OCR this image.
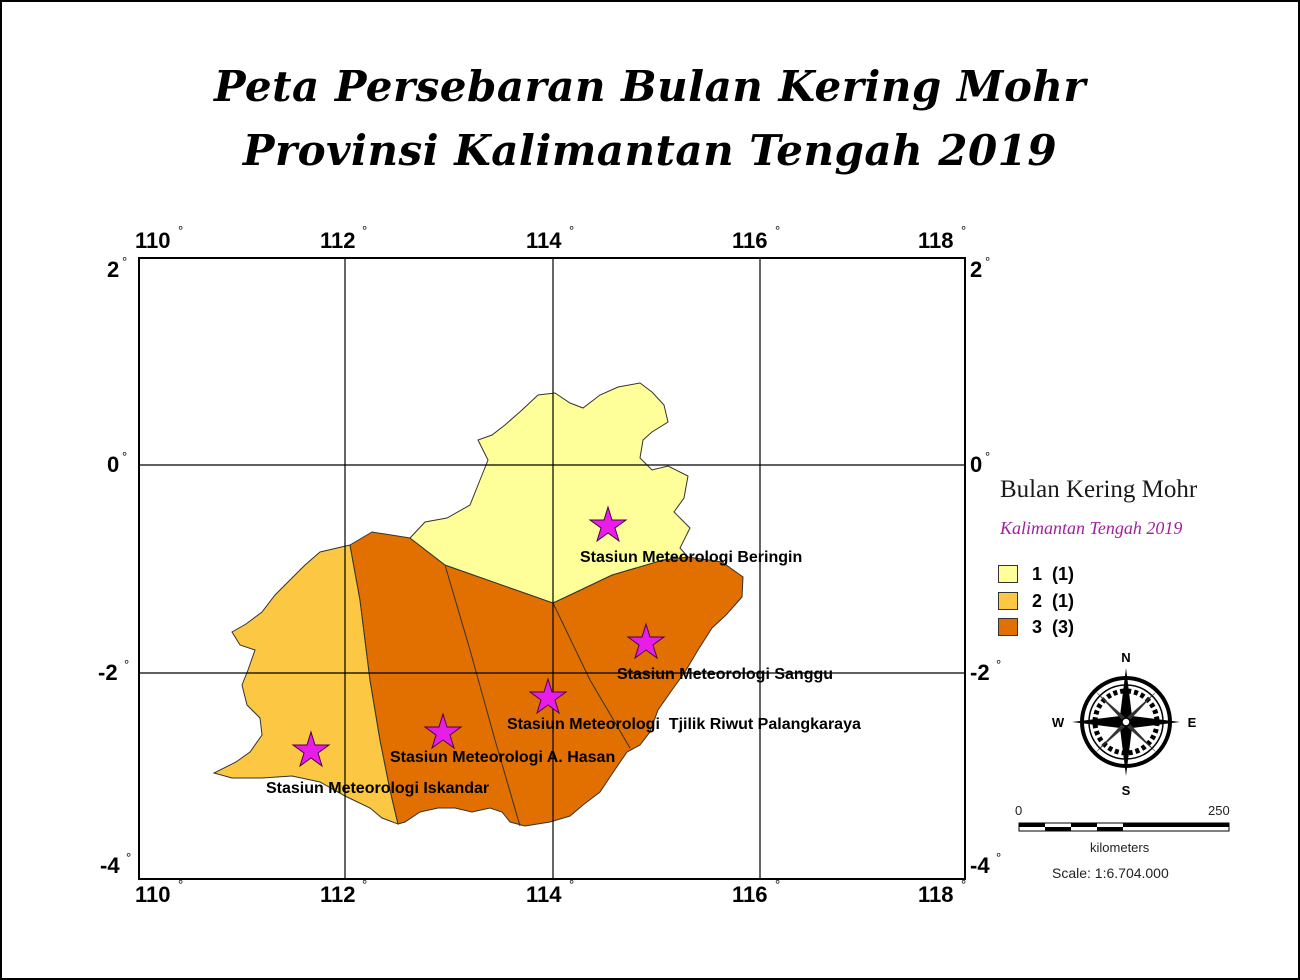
Peta Persebaran Bulan Kering Mohr
Provinsi Kalimantan Tengah 2019
110 °	112 °	114 °	116 °	118 °
110 °	112 °	114 °	116 °	118 °
2 °
0 °
-2 °
-4 °
2 °
0 °
-2 °
-4 °
Stasiun Meteorologi Beringin
Stasiun Meteorologi Sanggu
Stasiun Meteorologi  Tjilik Riwut Palangkaraya
Stasiun Meteorologi A. Hasan
Stasiun Meteorologi Iskandar
N
S
W	E
Bulan Kering Mohr
Kalimantan Tengah 2019
1  (1)
2  (1)
3  (3)
0	250
kilometers
Scale: 1:6.704.000
